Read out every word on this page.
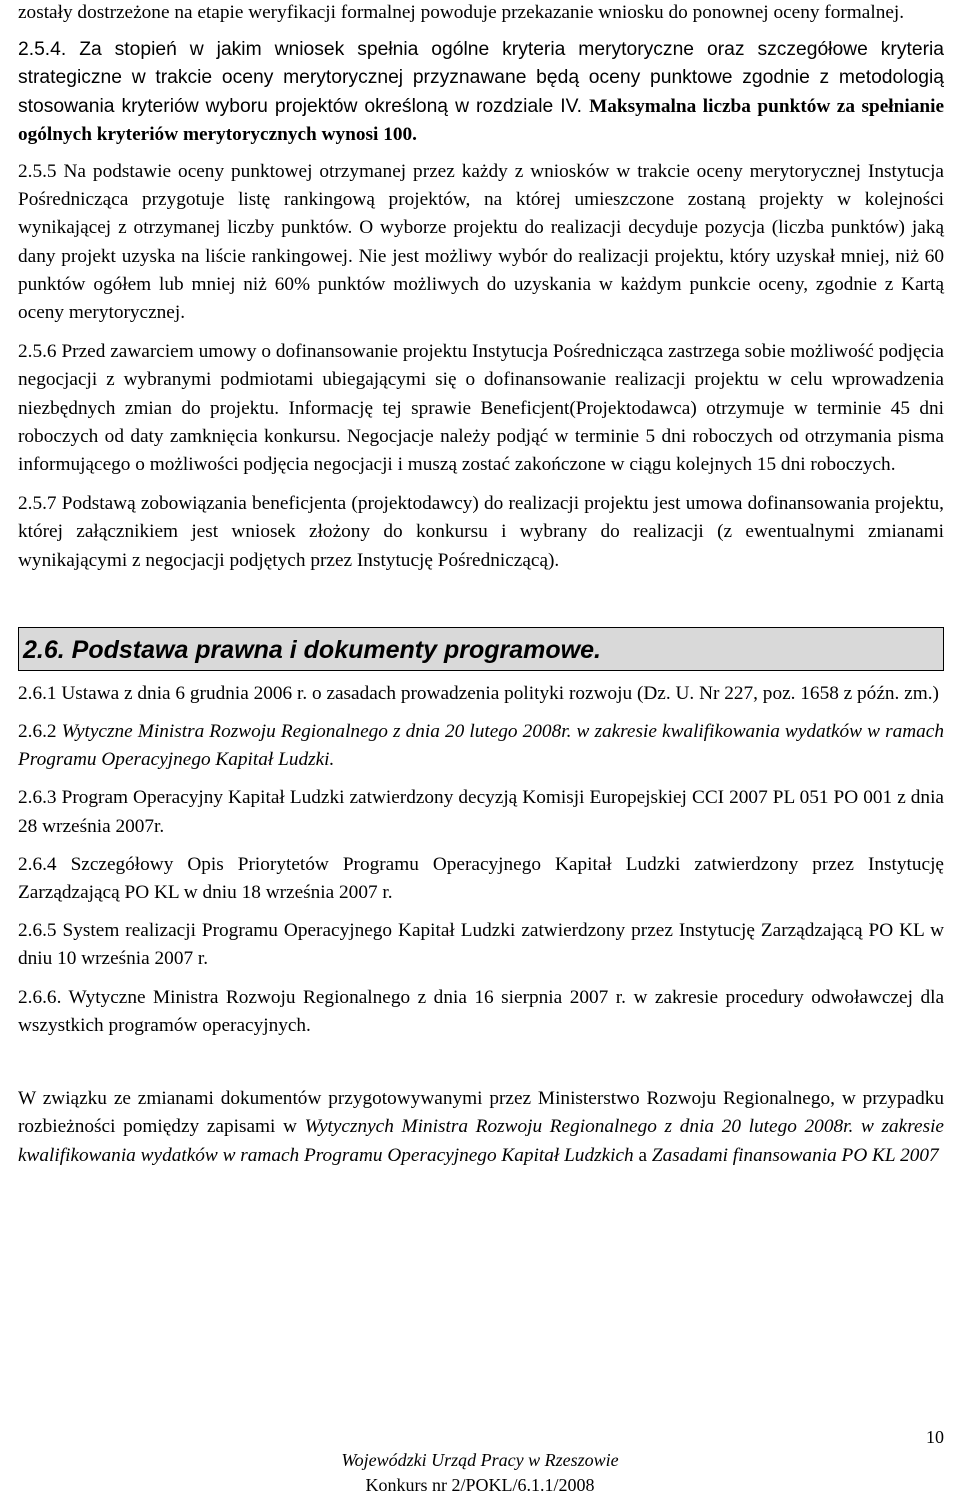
zostały dostrzeżone na etapie weryfikacji formalnej powoduje przekazanie wniosku do ponownej oceny formalnej.

2.5.4. Za stopień w jakim wniosek spełnia ogólne kryteria merytoryczne oraz szczegółowe kryteria strategiczne w trakcie oceny merytorycznej przyznawane będą oceny punktowe zgodnie z metodologią stosowania kryteriów wyboru projektów określoną w rozdziale IV. Maksymalna liczba punktów za spełnianie ogólnych kryteriów merytorycznych wynosi 100.

2.5.5 Na podstawie oceny punktowej otrzymanej przez każdy z wniosków w trakcie oceny merytorycznej Instytucja Pośrednicząca przygotuje listę rankingową projektów, na której umieszczone zostaną projekty w kolejności wynikającej z otrzymanej liczby punktów. O wyborze projektu do realizacji decyduje pozycja (liczba punktów) jaką dany projekt uzyska na liście rankingowej. Nie jest możliwy wybór do realizacji projektu, który uzyskał mniej, niż 60 punktów ogółem lub mniej niż 60% punktów możliwych do uzyskania w każdym punkcie oceny, zgodnie z Kartą oceny merytorycznej.

2.5.6 Przed zawarciem umowy o dofinansowanie projektu Instytucja Pośrednicząca zastrzega sobie możliwość podjęcia negocjacji z wybranymi podmiotami ubiegającymi się o dofinansowanie realizacji projektu w celu wprowadzenia niezbędnych zmian do projektu. Informację tej sprawie Beneficjent(Projektodawca) otrzymuje w terminie 45 dni roboczych od daty zamknięcia konkursu. Negocjacje należy podjąć w terminie 5 dni roboczych od otrzymania pisma informującego o możliwości podjęcia negocjacji i muszą zostać zakończone w ciągu kolejnych 15 dni roboczych.

2.5.7 Podstawą zobowiązania beneficjenta (projektodawcy) do realizacji projektu jest umowa dofinansowania projektu, której załącznikiem jest wniosek złożony do konkursu i wybrany do realizacji (z ewentualnymi zmianami wynikającymi z negocjacji podjętych przez Instytucję Pośredniczącą).

2.6. Podstawa prawna i dokumenty programowe.

2.6.1 Ustawa z dnia 6 grudnia 2006 r. o zasadach prowadzenia polityki rozwoju (Dz. U. Nr 227, poz. 1658 z późn. zm.)

2.6.2 Wytyczne Ministra Rozwoju Regionalnego z dnia 20 lutego 2008r. w zakresie kwalifikowania wydatków w ramach Programu Operacyjnego Kapitał Ludzki.

2.6.3 Program Operacyjny Kapitał Ludzki zatwierdzony decyzją Komisji Europejskiej CCI 2007 PL 051 PO 001 z dnia 28 września 2007r.

2.6.4 Szczegółowy Opis Priorytetów Programu Operacyjnego Kapitał Ludzki zatwierdzony przez Instytucję Zarządzającą PO KL w dniu 18 września 2007 r.

2.6.5 System realizacji Programu Operacyjnego Kapitał Ludzki zatwierdzony przez Instytucję Zarządzającą PO KL w dniu 10 września 2007 r.

2.6.6. Wytyczne Ministra Rozwoju Regionalnego z dnia 16 sierpnia 2007 r. w zakresie procedury odwoławczej dla wszystkich programów operacyjnych.

W związku ze zmianami dokumentów przygotowywanymi przez Ministerstwo Rozwoju Regionalnego, w przypadku rozbieżności pomiędzy zapisami w Wytycznych Ministra Rozwoju Regionalnego z dnia 20 lutego 2008r. w zakresie kwalifikowania wydatków w ramach Programu Operacyjnego Kapitał Ludzkich a Zasadami finansowania PO KL 2007

10
Wojewódzki Urząd Pracy w Rzeszowie
Konkurs nr 2/POKL/6.1.1/2008
